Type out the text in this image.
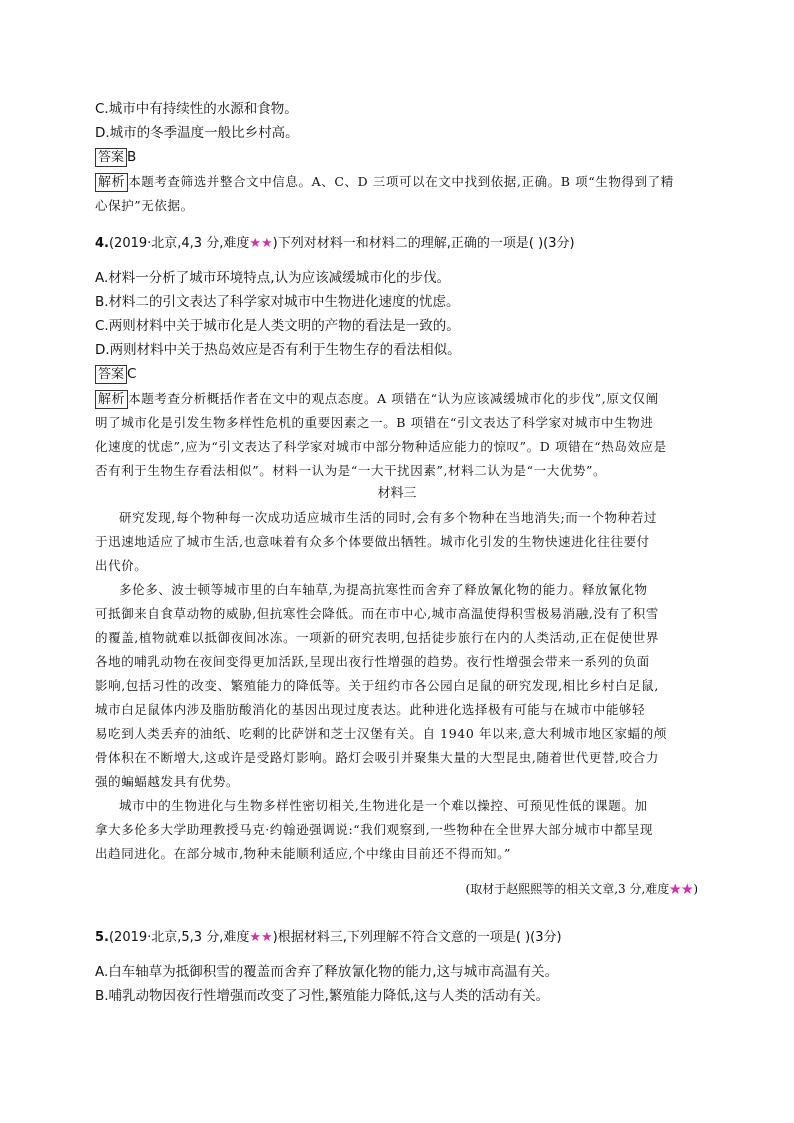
C.城市中有持续性的水源和食物。
D.城市的冬季温度一般比乡村高。
答案 B
解析 本题考查筛选并整合文中信息。A、C、D 三项可以在文中找到依据,正确。B 项“生物得到了精
心保护”无依据。
4.(2019·北京,4,3 分,难度★★)下列对材料一和材料二的理解,正确的一项是( )(3分)
A.材料一分析了城市环境特点,认为应该减缓城市化的步伐。
B.材料二的引文表达了科学家对城市中生物进化速度的忧虑。
C.两则材料中关于城市化是人类文明的产物的看法是一致的。
D.两则材料中关于热岛效应是否有利于生物生存的看法相似。
答案 C
解析 本题考查分析概括作者在文中的观点态度。A 项错在“认为应该减缓城市化的步伐”,原文仅阐
明了城市化是引发生物多样性危机的重要因素之一。B 项错在“引文表达了科学家对城市中生物进
化速度的忧虑”,应为“引文表达了科学家对城市中部分物种适应能力的惊叹”。D 项错在“热岛效应是
否有利于生物生存看法相似”。材料一认为是“一大干扰因素”,材料二认为是“一大优势”。
材料三
研究发现,每个物种每一次成功适应城市生活的同时,会有多个物种在当地消失;而一个物种若过
于迅速地适应了城市生活,也意味着有众多个体要做出牺牲。城市化引发的生物快速进化往往要付
出代价。
多伦多、波士顿等城市里的白车轴草,为提高抗寒性而舍弃了释放氰化物的能力。释放氰化物
可抵御来自食草动物的威胁,但抗寒性会降低。而在市中心,城市高温使得积雪极易消融,没有了积雪
的覆盖,植物就难以抵御夜间冰冻。一项新的研究表明,包括徒步旅行在内的人类活动,正在促使世界
各地的哺乳动物在夜间变得更加活跃,呈现出夜行性增强的趋势。夜行性增强会带来一系列的负面
影响,包括习性的改变、繁殖能力的降低等。关于纽约市各公园白足鼠的研究发现,相比乡村白足鼠,
城市白足鼠体内涉及脂肪酸消化的基因出现过度表达。此种进化选择极有可能与在城市中能够轻
易吃到人类丢弃的油纸、吃剩的比萨饼和芝士汉堡有关。自 1940 年以来,意大利城市地区家蝠的颅
骨体积在不断增大,这或许是受路灯影响。路灯会吸引并聚集大量的大型昆虫,随着世代更替,咬合力
强的蝙蝠越发具有优势。
城市中的生物进化与生物多样性密切相关,生物进化是一个难以操控、可预见性低的课题。加
拿大多伦多大学助理教授马克·约翰逊强调说:“我们观察到,一些物种在全世界大部分城市中都呈现
出趋同进化。在部分城市,物种未能顺利适应,个中缘由目前还不得而知。”
(取材于赵熙熙等的相关文章,3 分,难度★★)
5.(2019·北京,5,3 分,难度★★)根据材料三,下列理解不符合文意的一项是( )(3分)
A.白车轴草为抵御积雪的覆盖而舍弃了释放氰化物的能力,这与城市高温有关。
B.哺乳动物因夜行性增强而改变了习性,繁殖能力降低,这与人类的活动有关。
